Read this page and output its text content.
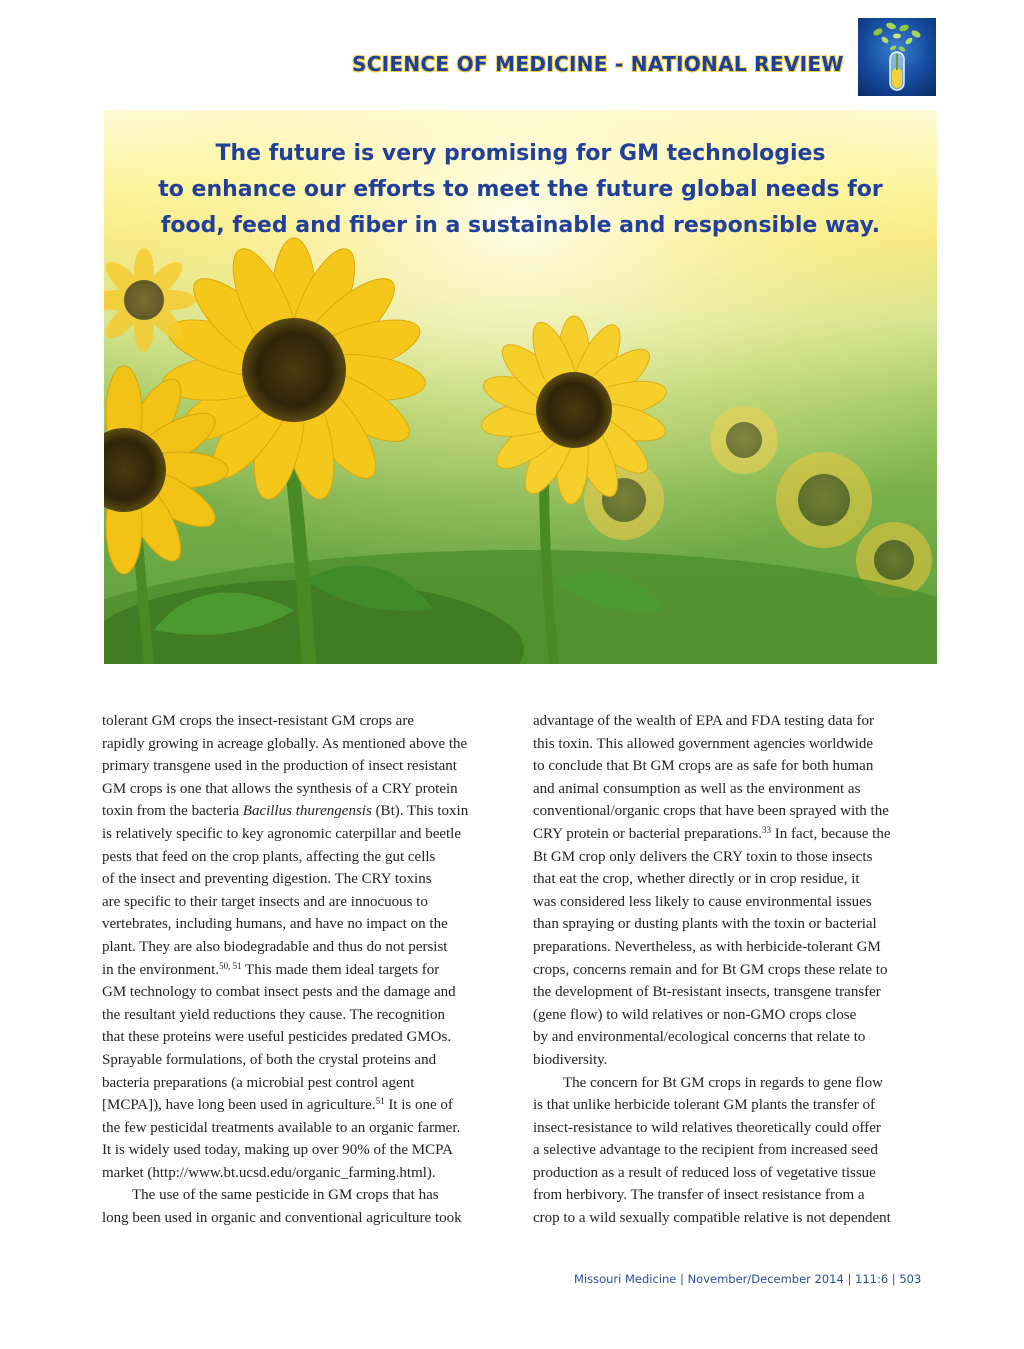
SCIENCE OF MEDICINE - NATIONAL REVIEW
The future is very promising for GM technologies
to enhance our efforts to meet the future global needs for
food, feed and fiber in a sustainable and responsible way.
tolerant GM crops the insect-resistant GM crops are
rapidly growing in acreage globally. As mentioned above the
primary transgene used in the production of insect resistant
GM crops is one that allows the synthesis of a CRY protein
toxin from the bacteria Bacillus thurengensis (Bt). This toxin
is relatively specific to key agronomic caterpillar and beetle
pests that feed on the crop plants, affecting the gut cells
of the insect and preventing digestion. The CRY toxins
are specific to their target insects and are innocuous to
vertebrates, including humans, and have no impact on the
plant. They are also biodegradable and thus do not persist
in the environment.$^{50, 51}$ This made them ideal targets for
GM technology to combat insect pests and the damage and
the resultant yield reductions they cause. The recognition
that these proteins were useful pesticides predated GMOs.
Sprayable formulations, of both the crystal proteins and
bacteria preparations (a microbial pest control agent
[MCPA]), have long been used in agriculture.$^{51}$ It is one of
the few pesticidal treatments available to an organic farmer.
It is widely used today, making up over 90% of the MCPA
market (http://www.bt.ucsd.edu/organic_farming.html).
The use of the same pesticide in GM crops that has
long been used in organic and conventional agriculture took
advantage of the wealth of EPA and FDA testing data for
this toxin. This allowed government agencies worldwide
to conclude that Bt GM crops are as safe for both human
and animal consumption as well as the environment as
conventional/organic crops that have been sprayed with the
CRY protein or bacterial preparations.$^{33}$ In fact, because the
Bt GM crop only delivers the CRY toxin to those insects
that eat the crop, whether directly or in crop residue, it
was considered less likely to cause environmental issues
than spraying or dusting plants with the toxin or bacterial
preparations. Nevertheless, as with herbicide-tolerant GM
crops, concerns remain and for Bt GM crops these relate to
the development of Bt-resistant insects, transgene transfer
(gene flow) to wild relatives or non-GMO crops close
by and environmental/ecological concerns that relate to
biodiversity.
The concern for Bt GM crops in regards to gene flow
is that unlike herbicide tolerant GM plants the transfer of
insect-resistance to wild relatives theoretically could offer
a selective advantage to the recipient from increased seed
production as a result of reduced loss of vegetative tissue
from herbivory. The transfer of insect resistance from a
crop to a wild sexually compatible relative is not dependent
Missouri Medicine | November/December 2014 | 111:6 | 503
